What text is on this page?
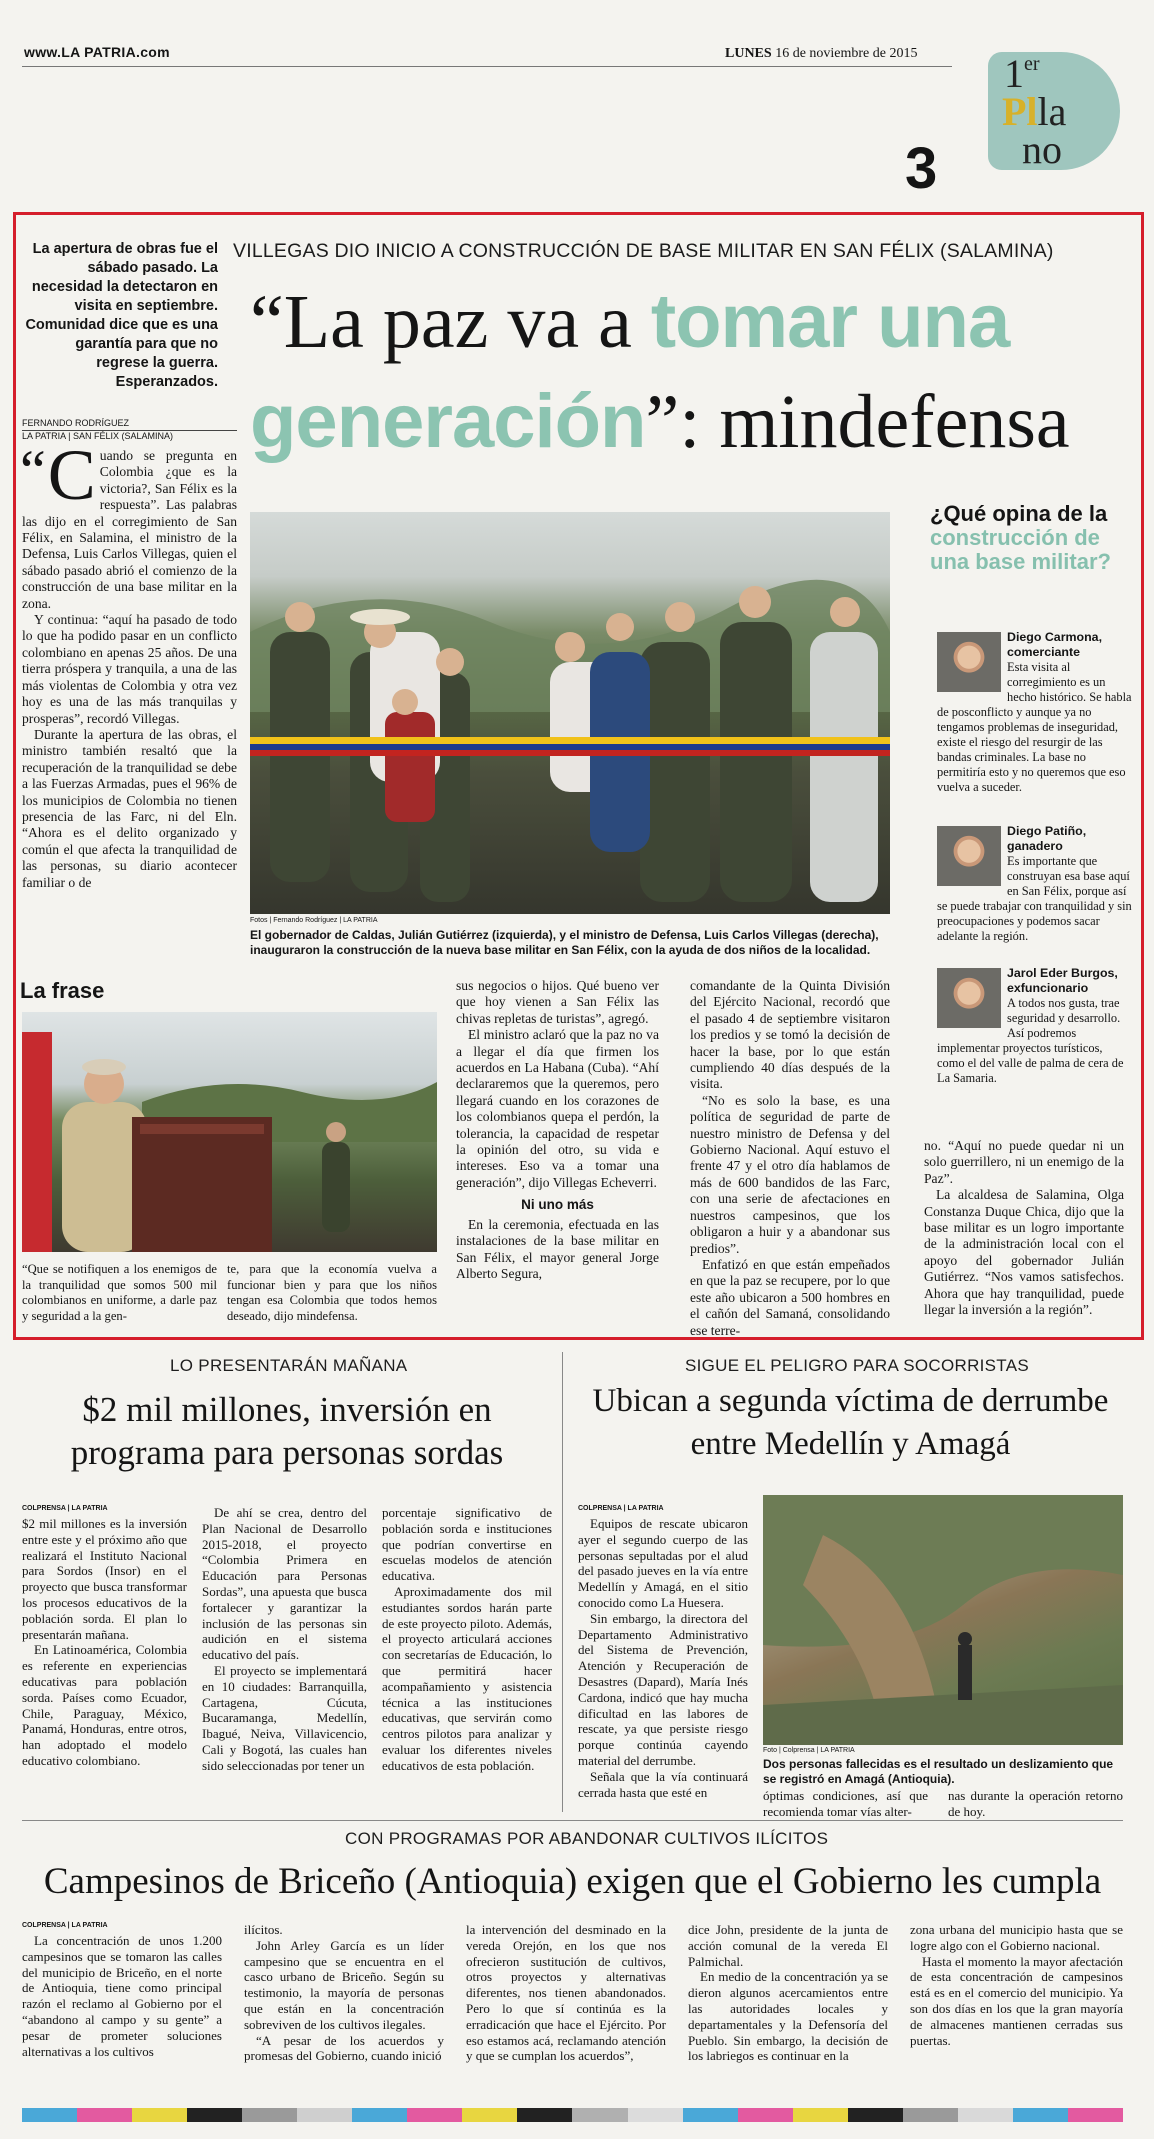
www.LA PATRIA.com	LUNES 16 de noviembre de 2015
3
1er
Plla
no
La apertura de obras fue el sábado pasado. La necesidad la detectaron en visita en septiembre. Comunidad dice que es una garantía para que no regrese la guerra. Esperanzados.
VILLEGAS DIO INICIO A CONSTRUCCIÓN DE BASE MILITAR EN SAN FÉLIX (SALAMINA)
“La paz va a tomar una
generación”: mindefensa
FERNANDO RODRÍGUEZ
LA PATRIA | SAN FÉLIX (SALAMINA)

“ C uando se pregunta en Colombia ¿que es la victoria?, San Félix es la respuesta”. Las palabras las dijo en el corregimiento de San Félix, en Salamina, el ministro de la Defensa, Luis Carlos Villegas, quien el sábado pasado abrió el comienzo de la construcción de una base militar en la zona.

Y continua: “aquí ha pasado de todo lo que ha podido pasar en un conflicto colombiano en apenas 25 años. De una tierra próspera y tranquila, a una de las más violentas de Colombia y otra vez hoy es una de las más tranquilas y prosperas”, recordó Villegas.

Durante la apertura de las obras, el ministro también resaltó que la recuperación de la tranquilidad se debe a las Fuerzas Armadas, pues el 96% de los municipios de Colombia no tienen presencia de las Farc, ni del Eln. “Ahora es el delito organizado y común el que afecta la tranquilidad de las personas, su diario acontecer familiar o de

Fotos | Fernando Rodríguez | LA PATRIA
El gobernador de Caldas, Julián Gutiérrez (izquierda), y el ministro de Defensa, Luis Carlos Villegas (derecha), inauguraron la construcción de la nueva base militar en San Félix, con la ayuda de dos niños de la localidad.
¿Qué opina de la construcción de una base militar?
Diego Carmona, comerciante
Esta visita al corregimiento es un hecho histórico. Se habla de posconflicto y aunque ya no tengamos problemas de inseguridad, existe el riesgo del resurgir de las bandas criminales. La base no permitiría esto y no queremos que eso vuelva a suceder.
Diego Patiño, ganadero
Es importante que construyan esa base aquí en San Félix, porque así se puede trabajar con tranquilidad y sin preocupaciones y podemos sacar adelante la región.
Jarol Eder Burgos, exfuncionario
A todos nos gusta, trae seguridad y desarrollo. Así podremos implementar proyectos turísticos, como el del valle de palma de cera de La Samaria.
La frase
“Que se notifiquen a los enemigos de la tranquilidad que somos 500 mil colombianos en uniforme, a darle paz y seguridad a la gen-
te, para que la economía vuelva a funcionar bien y para que los niños tengan esa Colombia que todos hemos deseado, dijo mindefensa.

sus negocios o hijos. Qué bueno ver que hoy vienen a San Félix las chivas repletas de turistas”, agregó.

El ministro aclaró que la paz no va a llegar el día que firmen los acuerdos en La Habana (Cuba). “Ahí declararemos que la queremos, pero llegará cuando en los corazones de los colombianos quepa el perdón, la tolerancia, la capacidad de respetar la opinión del otro, su vida e intereses. Eso va a tomar una generación”, dijo Villegas Echeverri.

Ni uno más

En la ceremonia, efectuada en las instalaciones de la base militar en San Félix, el mayor general Jorge Alberto Segura,

comandante de la Quinta División del Ejército Nacional, recordó que el pasado 4 de septiembre visitaron los predios y se tomó la decisión de hacer la base, por lo que están cumpliendo 40 días después de la visita.

“No es solo la base, es una política de seguridad de parte de nuestro ministro de Defensa y del Gobierno Nacional. Aquí estuvo el frente 47 y el otro día hablamos de más de 600 bandidos de las Farc, con una serie de afectaciones en nuestros campesinos, que los obligaron a huir y a abandonar sus predios”.

Enfatizó en que están empeñados en que la paz se recupere, por lo que este año ubicaron a 500 hombres en el cañón del Samaná, consolidando ese terre-

no. “Aquí no puede quedar ni un solo guerrillero, ni un enemigo de la Paz”.

La alcaldesa de Salamina, Olga Constanza Duque Chica, dijo que la base militar es un logro importante de la administración local con el apoyo del gobernador Julián Gutiérrez. “Nos vamos satisfechos. Ahora que hay tranquilidad, puede llegar la inversión a la región”.

LO PRESENTARÁN MAÑANA
$2 mil millones, inversión en programa para personas sordas
COLPRENSA | LA PATRIA

$2 mil millones es la inversión entre este y el próximo año que realizará el Instituto Nacional para Sordos (Insor) en el proyecto que busca transformar los procesos educativos de la población sorda. El plan lo presentarán mañana.

En Latinoamérica, Colombia es referente en experiencias educativas para población sorda. Países como Ecuador, Chile, Paraguay, México, Panamá, Honduras, entre otros, han adoptado el modelo educativo colombiano.

De ahí se crea, dentro del Plan Nacional de Desarrollo 2015-2018, el proyecto “Colombia Primera en Educación para Personas Sordas”, una apuesta que busca fortalecer y garantizar la inclusión de las personas sin audición en el sistema educativo del país.

El proyecto se implementará en 10 ciudades: Barranquilla, Cartagena, Cúcuta, Bucaramanga, Medellín, Ibagué, Neiva, Villavicencio, Cali y Bogotá, las cuales han sido seleccionadas por tener un

porcentaje significativo de población sorda e instituciones que podrían convertirse en escuelas modelos de atención educativa.

Aproximadamente dos mil estudiantes sordos harán parte de este proyecto piloto. Además, el proyecto articulará acciones con secretarías de Educación, lo que permitirá hacer acompañamiento y asistencia técnica a las instituciones educativas, que servirán como centros pilotos para analizar y evaluar los diferentes niveles educativos de esta población.

SIGUE EL PELIGRO PARA SOCORRISTAS
Ubican a segunda víctima de derrumbe entre Medellín y Amagá
COLPRENSA | LA PATRIA

Equipos de rescate ubicaron ayer el segundo cuerpo de las personas sepultadas por el alud del pasado jueves en la vía entre Medellín y Amagá, en el sitio conocido como La Huesera.

Sin embargo, la directora del Departamento Administrativo del Sistema de Prevención, Atención y Recuperación de Desastres (Dapard), María Inés Cardona, indicó que hay mucha dificultad en las labores de rescate, ya que persiste riesgo porque continúa cayendo material del derrumbe.

Señala que la vía continuará cerrada hasta que esté en

Foto | Colprensa | LA PATRIA
Dos personas fallecidas es el resultado un deslizamiento que se registró en Amagá (Antioquia).

óptimas condiciones, así que recomienda tomar vías alter-

nas durante la operación retorno de hoy.

CON PROGRAMAS POR ABANDONAR CULTIVOS ILÍCITOS
Campesinos de Briceño (Antioquia) exigen que el Gobierno les cumpla
COLPRENSA | LA PATRIA

La concentración de unos 1.200 campesinos que se tomaron las calles del municipio de Briceño, en el norte de Antioquia, tiene como principal razón el reclamo al Gobierno por el “abandono al campo y su gente” a pesar de prometer soluciones alternativas a los cultivos

ilícitos.

John Arley García es un líder campesino que se encuentra en el casco urbano de Briceño. Según su testimonio, la mayoría de personas que están en la concentración sobreviven de los cultivos ilegales.

“A pesar de los acuerdos y promesas del Gobierno, cuando inició

la intervención del desminado en la vereda Orejón, en los que nos ofrecieron sustitución de cultivos, otros proyectos y alternativas diferentes, nos tienen abandonados. Pero lo que sí continúa es la erradicación que hace el Ejército. Por eso estamos acá, reclamando atención y que se cumplan los acuerdos”,

dice John, presidente de la junta de acción comunal de la vereda El Palmichal.

En medio de la concentración ya se dieron algunos acercamientos entre las autoridades locales y departamentales y la Defensoría del Pueblo. Sin embargo, la decisión de los labriegos es continuar en la

zona urbana del municipio hasta que se logre algo con el Gobierno nacional.

Hasta el momento la mayor afectación de esta concentración de campesinos está es en el comercio del municipio. Ya son dos días en los que la gran mayoría de almacenes mantienen cerradas sus puertas.
